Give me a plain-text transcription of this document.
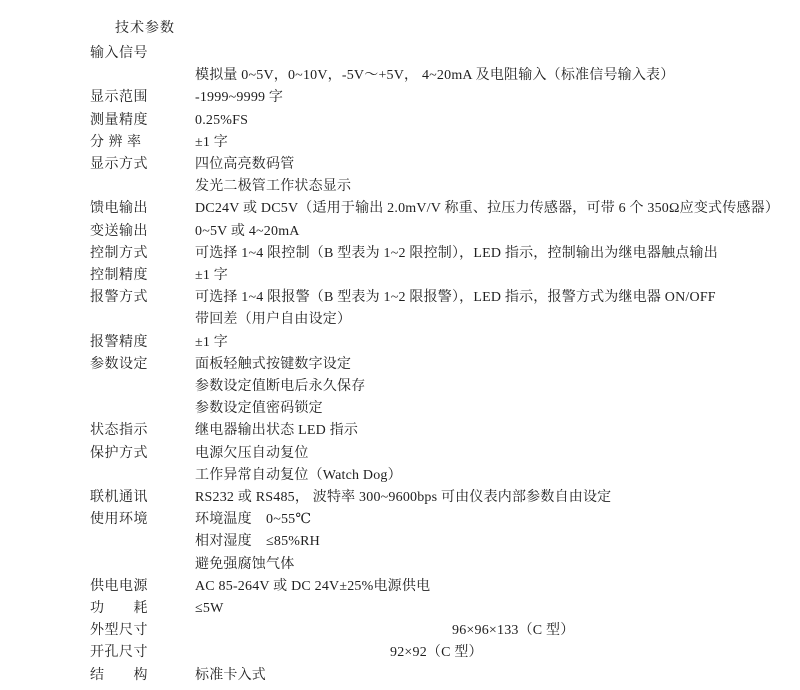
技术参数
输入信号
模拟量 0~5V，0~10V，-5V～+5V， 4~20mA 及电阻输入（标准信号输入表）
显示范围	-1999~9999 字
测量精度	0.25%FS
分 辨 率	±1 字
显示方式	四位高亮数码管
发光二极管工作状态显示
馈电输出	DC24V 或 DC5V（适用于输出 2.0mV/V 称重、拉压力传感器，可带 6 个 350Ω应变式传感器）
变送输出	0~5V 或 4~20mA
控制方式	可选择 1~4 限控制（B 型表为 1~2 限控制），LED 指示，控制输出为继电器触点输出
控制精度	±1 字
报警方式	可选择 1~4 限报警（B 型表为 1~2 限报警），LED 指示，报警方式为继电器 ON/OFF
带回差（用户自由设定）
报警精度	±1 字
参数设定	面板轻触式按键数字设定
参数设定值断电后永久保存
参数设定值密码锁定
状态指示	继电器输出状态 LED 指示
保护方式	电源欠压自动复位
工作异常自动复位（Watch Dog）
联机通讯	RS232 或 RS485， 波特率 300~9600bps 可由仪表内部参数自由设定
使用环境	环境温度　0~55℃
相对湿度　≤85%RH
避免强腐蚀气体
供电电源	AC 85-264V 或 DC 24V±25%电源供电
功　　耗	≤5W
外型尺寸	96×96×133（C 型）
开孔尺寸	92×92（C 型）
结　　构	标准卡入式
